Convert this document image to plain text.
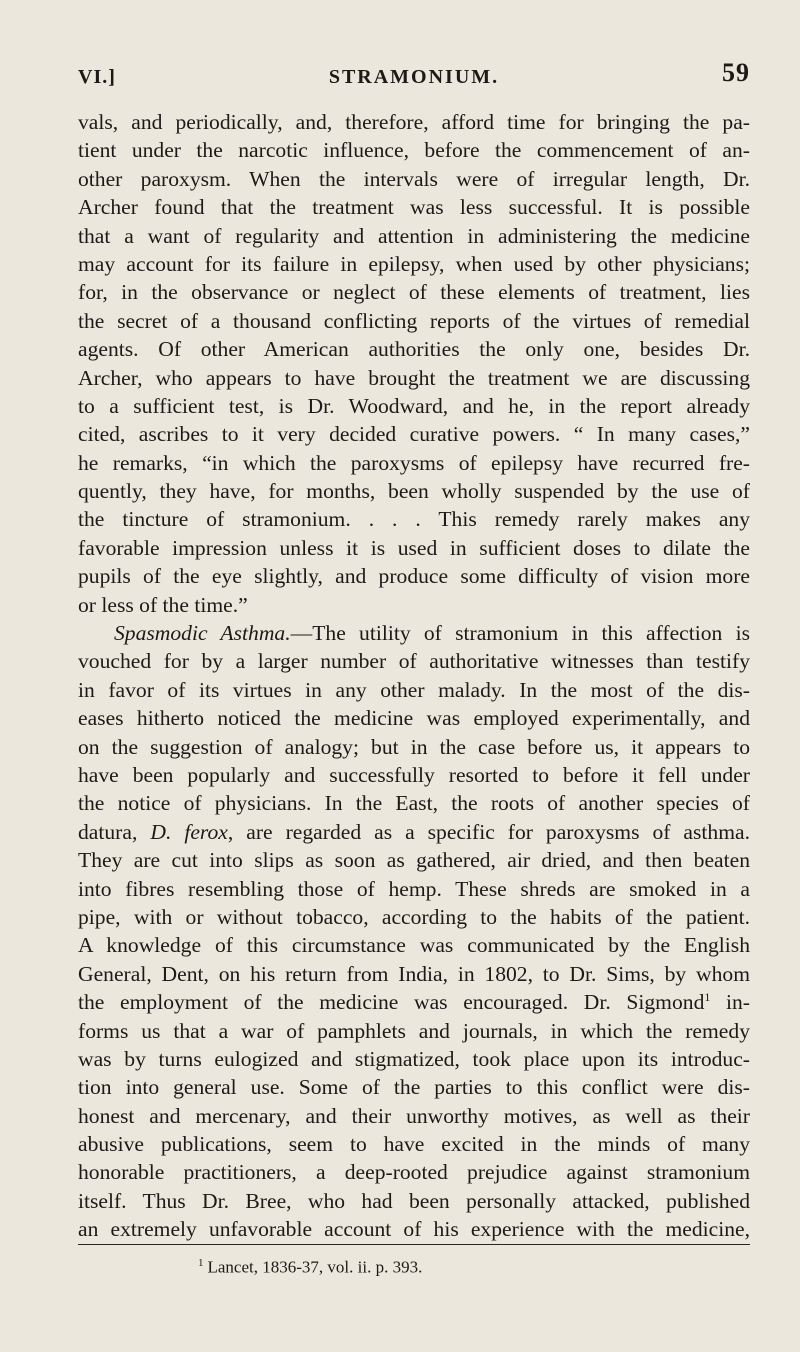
VI.]	STRAMONIUM.	59
vals, and periodically, and, therefore, afford time for bringing the pa-
tient under the narcotic influence, before the commencement of an-
other paroxysm. When the intervals were of irregular length, Dr.
Archer found that the treatment was less successful. It is possible
that a want of regularity and attention in administering the medicine
may account for its failure in epilepsy, when used by other physicians;
for, in the observance or neglect of these elements of treatment, lies
the secret of a thousand conflicting reports of the virtues of remedial
agents. Of other American authorities the only one, besides Dr.
Archer, who appears to have brought the treatment we are discussing
to a sufficient test, is Dr. Woodward, and he, in the report already
cited, ascribes to it very decided curative powers. “ In many cases,”
he remarks, “in which the paroxysms of epilepsy have recurred fre-
quently, they have, for months, been wholly suspended by the use of
the tincture of stramonium. . . . This remedy rarely makes any
favorable impression unless it is used in sufficient doses to dilate the
pupils of the eye slightly, and produce some difficulty of vision more
or less of the time.”
Spasmodic Asthma.—The utility of stramonium in this affection is
vouched for by a larger number of authoritative witnesses than testify
in favor of its virtues in any other malady. In the most of the dis-
eases hitherto noticed the medicine was employed experimentally, and
on the suggestion of analogy; but in the case before us, it appears to
have been popularly and successfully resorted to before it fell under
the notice of physicians. In the East, the roots of another species of
datura, D. ferox, are regarded as a specific for paroxysms of asthma.
They are cut into slips as soon as gathered, air dried, and then beaten
into fibres resembling those of hemp. These shreds are smoked in a
pipe, with or without tobacco, according to the habits of the patient.
A knowledge of this circumstance was communicated by the English
General, Dent, on his return from India, in 1802, to Dr. Sims, by whom
the employment of the medicine was encouraged. Dr. Sigmond$^1$ in-
forms us that a war of pamphlets and journals, in which the remedy
was by turns eulogized and stigmatized, took place upon its introduc-
tion into general use. Some of the parties to this conflict were dis-
honest and mercenary, and their unworthy motives, as well as their
abusive publications, seem to have excited in the minds of many
honorable practitioners, a deep-rooted prejudice against stramonium
itself. Thus Dr. Bree, who had been personally attacked, published
an extremely unfavorable account of his experience with the medicine,
$^1$ Lancet, 1836-37, vol. ii. p. 393.
